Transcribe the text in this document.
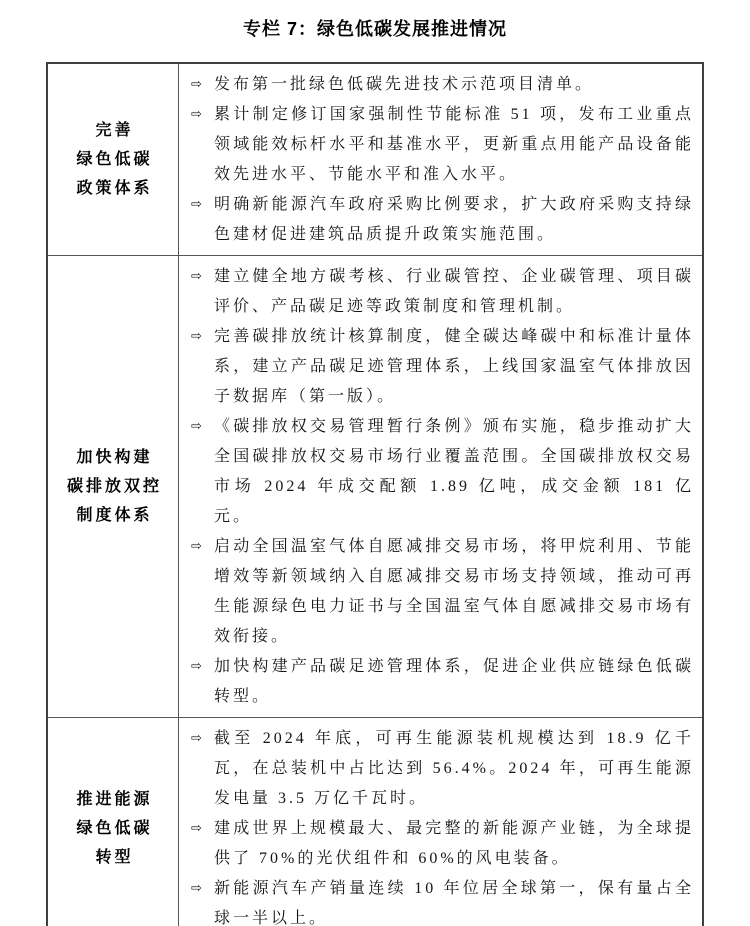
专栏 7：绿色低碳发展推进情况
完善
绿色低碳
政策体系

⇨ 发布第一批绿色低碳先进技术示范项目清单。
⇨ 累计制定修订国家强制性节能标准 51 项，发布工业重点领域能效标杆水平和基准水平，更新重点用能产品设备能效先进水平、节能水平和准入水平。
⇨ 明确新能源汽车政府采购比例要求，扩大政府采购支持绿色建材促进建筑品质提升政策实施范围。

加快构建
碳排放双控
制度体系

⇨ 建立健全地方碳考核、行业碳管控、企业碳管理、项目碳评价、产品碳足迹等政策制度和管理机制。
⇨ 完善碳排放统计核算制度，健全碳达峰碳中和标准计量体系，建立产品碳足迹管理体系，上线国家温室气体排放因子数据库（第一版）。
⇨ 《碳排放权交易管理暂行条例》颁布实施，稳步推动扩大全国碳排放权交易市场行业覆盖范围。全国碳排放权交易市场 2024 年成交配额 1.89 亿吨，成交金额 181 亿元。
⇨ 启动全国温室气体自愿减排交易市场，将甲烷利用、节能增效等新领域纳入自愿减排交易市场支持领域，推动可再生能源绿色电力证书与全国温室气体自愿减排交易市场有效衔接。
⇨ 加快构建产品碳足迹管理体系，促进企业供应链绿色低碳转型。

推进能源
绿色低碳
转型

⇨ 截至 2024 年底，可再生能源装机规模达到 18.9 亿千瓦，在总装机中占比达到 56.4%。2024 年，可再生能源发电量 3.5 万亿千瓦时。
⇨ 建成世界上规模最大、最完整的新能源产业链，为全球提供了 70%的光伏组件和 60%的风电装备。
⇨ 新能源汽车产销量连续 10 年位居全球第一，保有量占全球一半以上。
